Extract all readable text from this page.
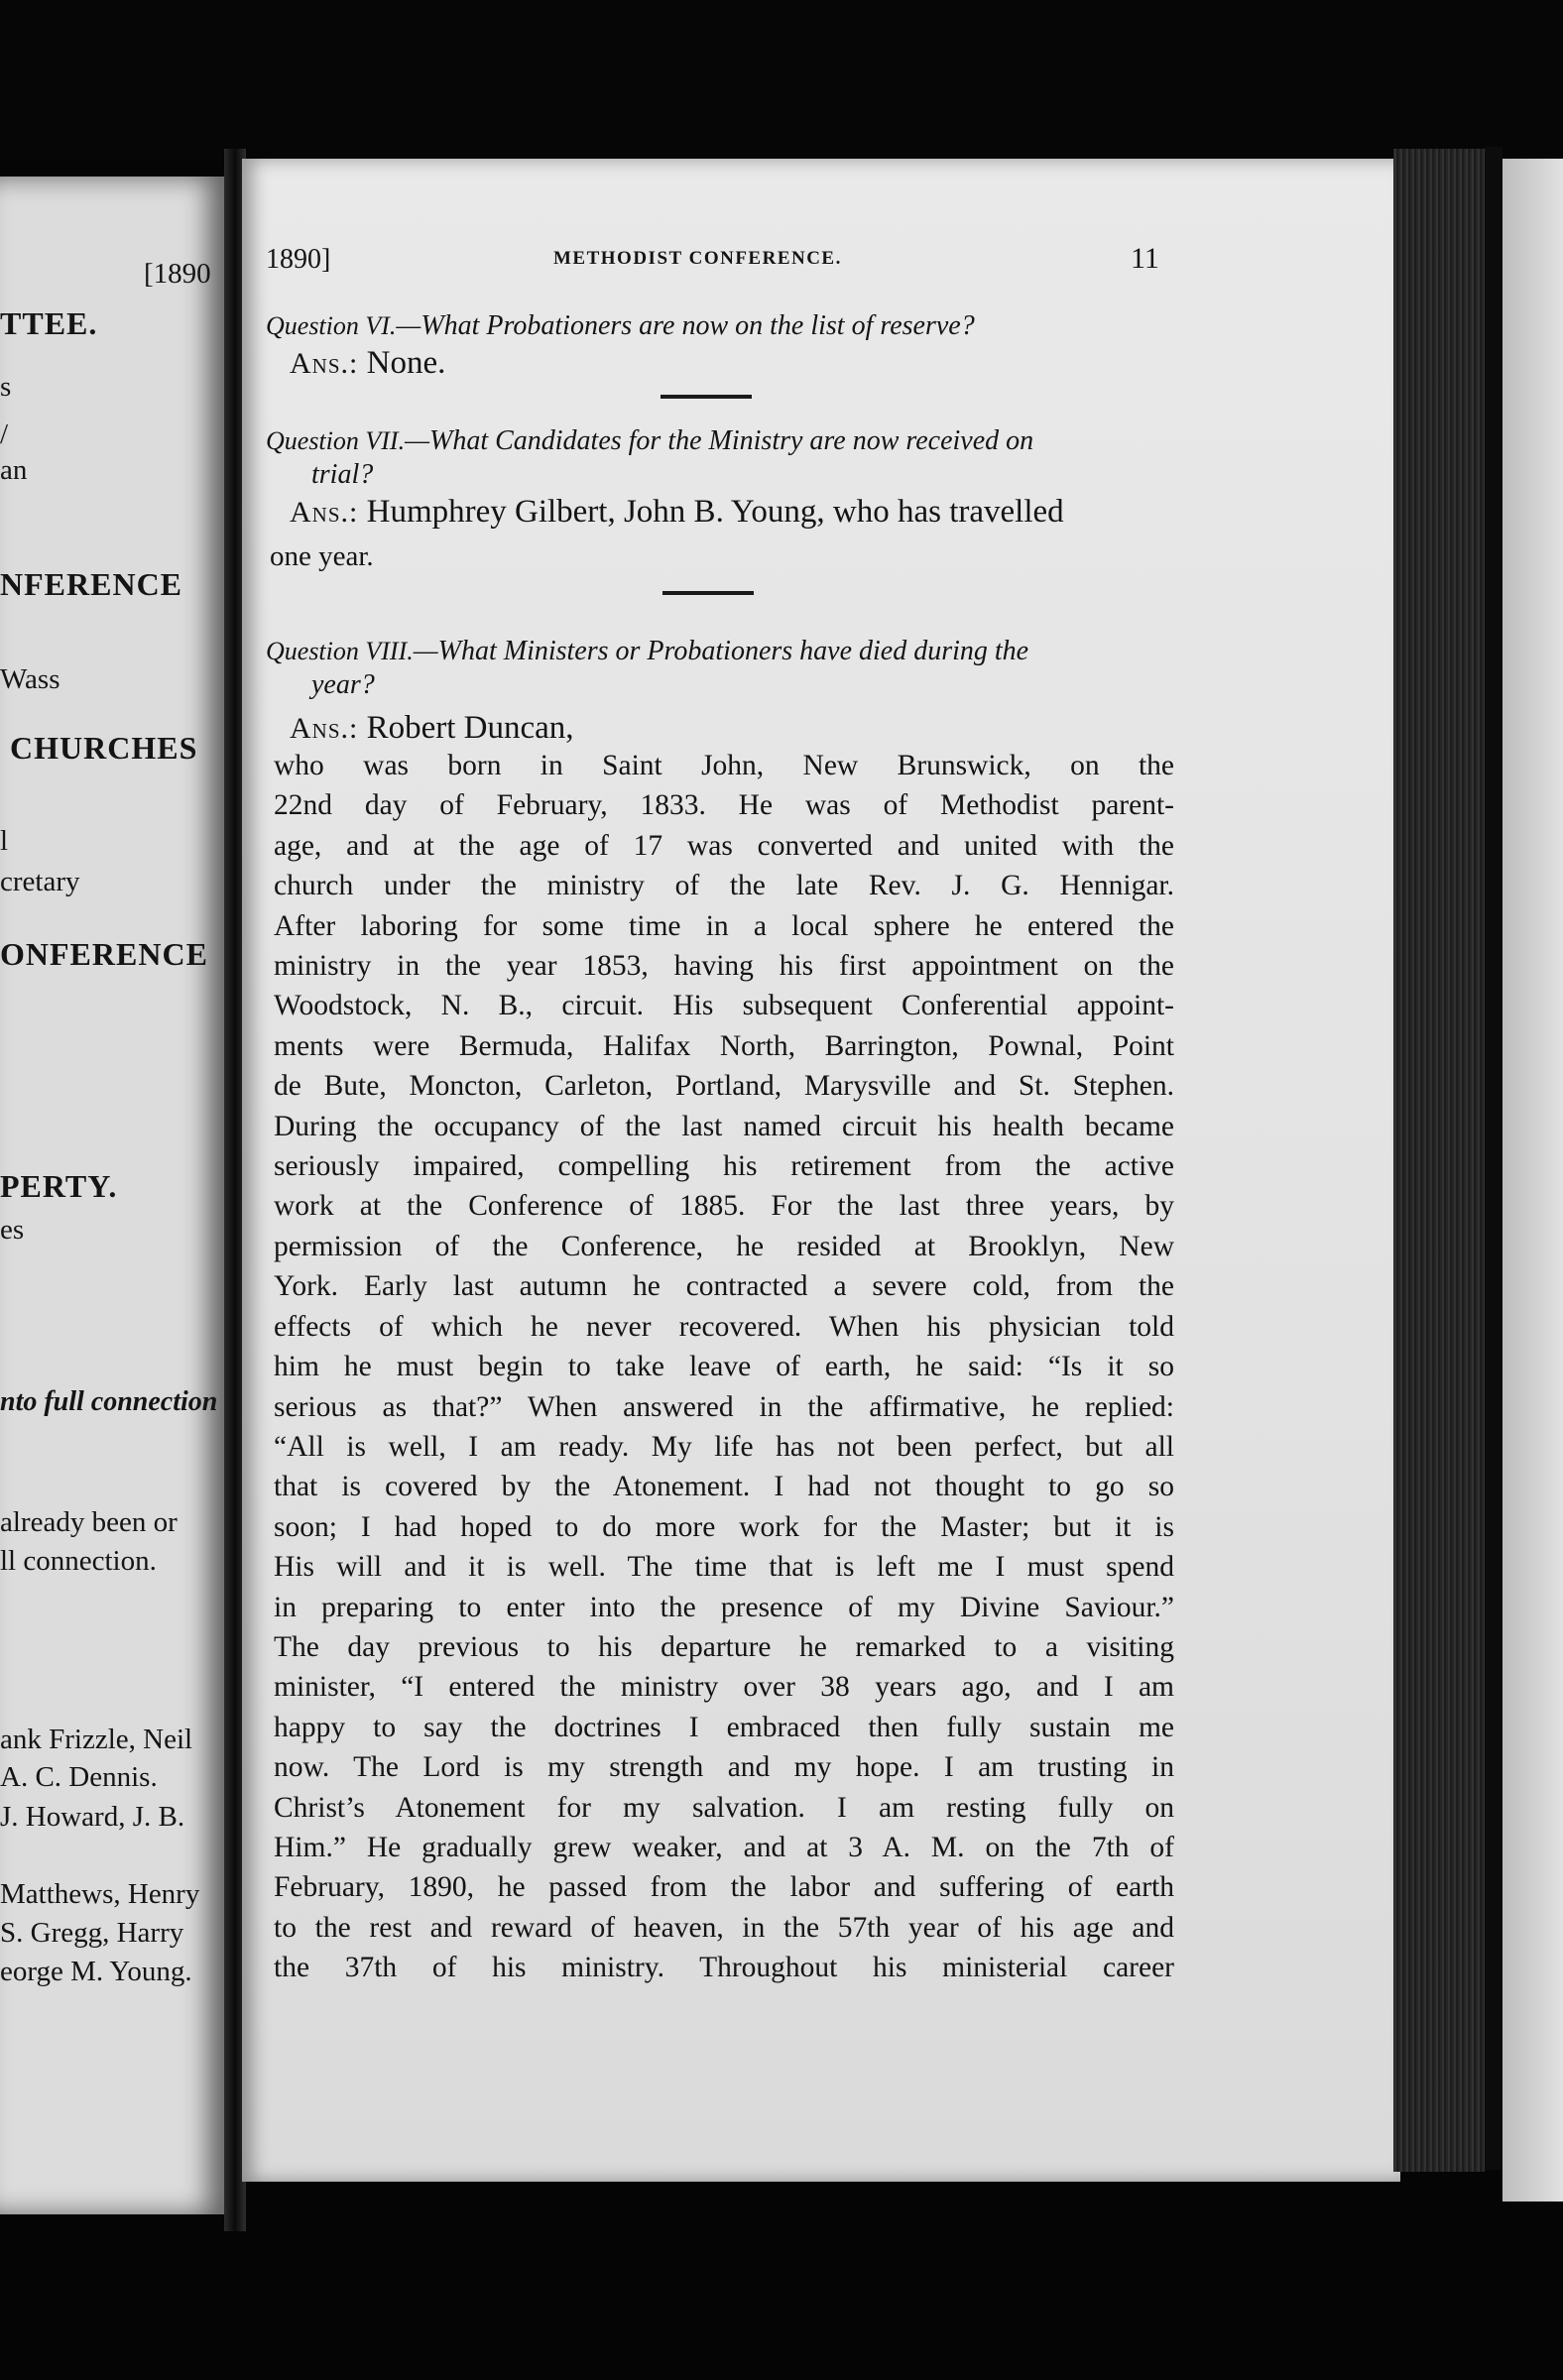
[1890
TTEE.
s
/
an
NFERENCE
Wass
CHURCHES
l
cretary
ONFERENCE
PERTY.
es
nto full connection
already been or
ll connection.
ank Frizzle, Neil
A. C. Dennis.
J. Howard, J. B.
Matthews, Henry
S. Gregg, Harry
eorge M. Young.
1890]	METHODIST CONFERENCE.	11
Question VI.—What Probationers are now on the list of reserve?
Ans.: None.
Question VII.—What Candidates for the Ministry are now received on
trial?
Ans.: Humphrey Gilbert, John B. Young, who has travelled
one year.
Question VIII.—What Ministers or Probationers have died during the
year?
Ans.: Robert Duncan,
who was born in Saint John, New Brunswick, on the
22nd day of February, 1833. He was of Methodist parent-
age, and at the age of 17 was converted and united with the
church under the ministry of the late Rev. J. G. Hennigar.
After laboring for some time in a local sphere he entered the
ministry in the year 1853, having his first appointment on the
Woodstock, N. B., circuit. His subsequent Conferential appoint-
ments were Bermuda, Halifax North, Barrington, Pownal, Point
de Bute, Moncton, Carleton, Portland, Marysville and St. Stephen.
During the occupancy of the last named circuit his health became
seriously impaired, compelling his retirement from the active
work at the Conference of 1885. For the last three years, by
permission of the Conference, he resided at Brooklyn, New
York. Early last autumn he contracted a severe cold, from the
effects of which he never recovered. When his physician told
him he must begin to take leave of earth, he said: “Is it so
serious as that?” When answered in the affirmative, he replied:
“All is well, I am ready. My life has not been perfect, but all
that is covered by the Atonement. I had not thought to go so
soon; I had hoped to do more work for the Master; but it is
His will and it is well. The time that is left me I must spend
in preparing to enter into the presence of my Divine Saviour.”
The day previous to his departure he remarked to a visiting
minister, “I entered the ministry over 38 years ago, and I am
happy to say the doctrines I embraced then fully sustain me
now. The Lord is my strength and my hope. I am trusting in
Christ’s Atonement for my salvation. I am resting fully on
Him.” He gradually grew weaker, and at 3 A. M. on the 7th of
February, 1890, he passed from the labor and suffering of earth
to the rest and reward of heaven, in the 57th year of his age and
the 37th of his ministry. Throughout his ministerial career
